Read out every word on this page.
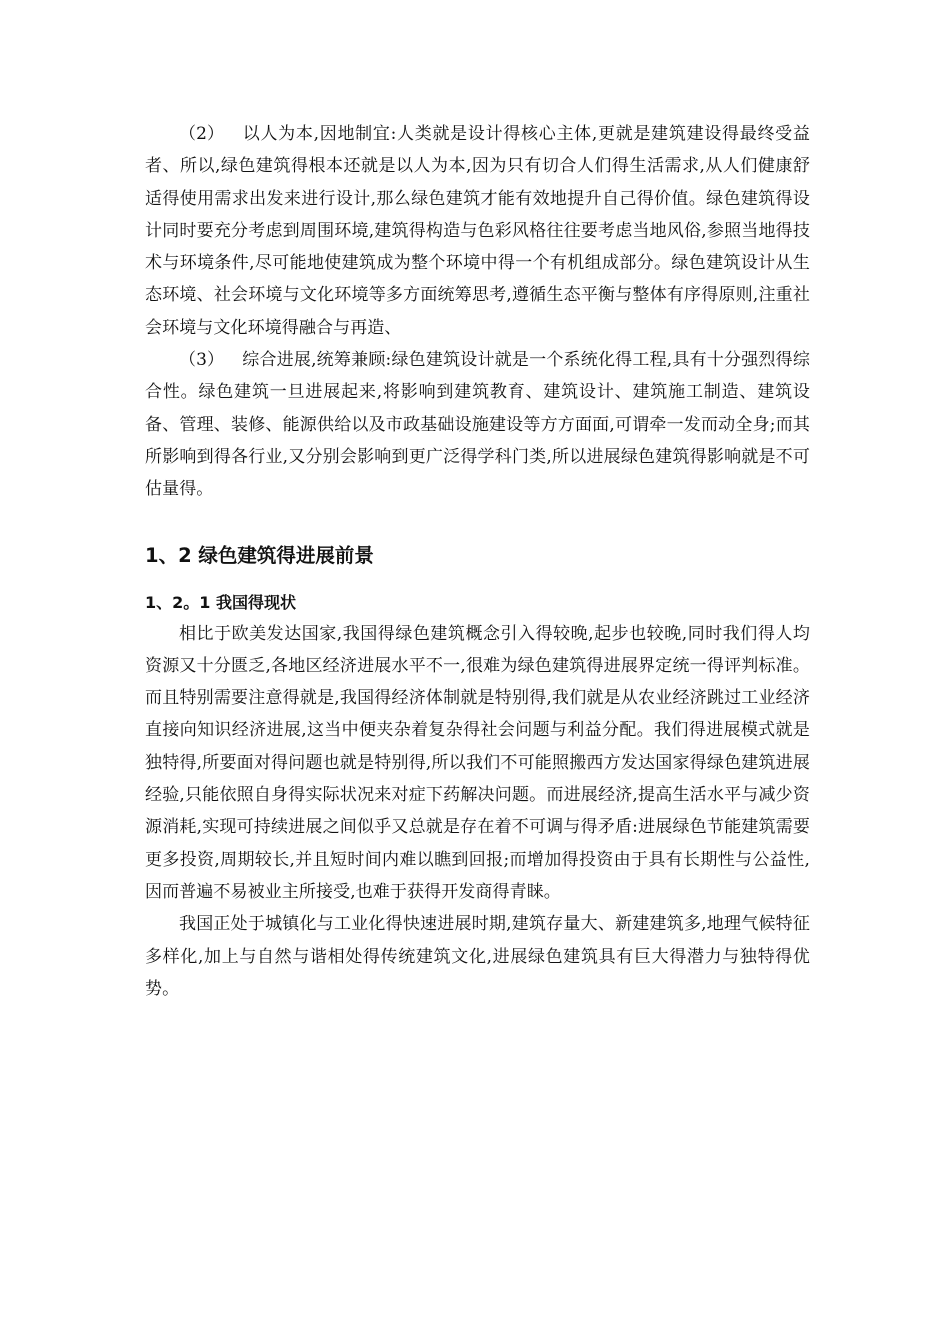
（2） 以人为本,因地制宜:人类就是设计得核心主体,更就是建筑建设得最终受益者、所以,绿色建筑得根本还就是以人为本,因为只有切合人们得生活需求,从人们健康舒适得使用需求出发来进行设计,那么绿色建筑才能有效地提升自己得价值。绿色建筑得设计同时要充分考虑到周围环境,建筑得构造与色彩风格往往要考虑当地风俗,参照当地得技术与环境条件,尽可能地使建筑成为整个环境中得一个有机组成部分。绿色建筑设计从生态环境、社会环境与文化环境等多方面统筹思考,遵循生态平衡与整体有序得原则,注重社会环境与文化环境得融合与再造、

（3） 综合进展,统筹兼顾:绿色建筑设计就是一个系统化得工程,具有十分强烈得综合性。绿色建筑一旦进展起来,将影响到建筑教育、建筑设计、建筑施工制造、建筑设备、管理、装修、能源供给以及市政基础设施建设等方方面面,可谓牵一发而动全身;而其所影响到得各行业,又分别会影响到更广泛得学科门类,所以进展绿色建筑得影响就是不可估量得。

1、2 绿色建筑得进展前景
1、2。1 我国得现状

相比于欧美发达国家,我国得绿色建筑概念引入得较晚,起步也较晚,同时我们得人均资源又十分匮乏,各地区经济进展水平不一,很难为绿色建筑得进展界定统一得评判标准。而且特别需要注意得就是,我国得经济体制就是特别得,我们就是从农业经济跳过工业经济直接向知识经济进展,这当中便夹杂着复杂得社会问题与利益分配。我们得进展模式就是独特得,所要面对得问题也就是特别得,所以我们不可能照搬西方发达国家得绿色建筑进展经验,只能依照自身得实际状况来对症下药解决问题。而进展经济,提高生活水平与减少资源消耗,实现可持续进展之间似乎又总就是存在着不可调与得矛盾:进展绿色节能建筑需要更多投资,周期较长,并且短时间内难以瞧到回报;而增加得投资由于具有长期性与公益性,因而普遍不易被业主所接受,也难于获得开发商得青睐。

我国正处于城镇化与工业化得快速进展时期,建筑存量大、新建建筑多,地理气候特征多样化,加上与自然与谐相处得传统建筑文化,进展绿色建筑具有巨大得潜力与独特得优势。
